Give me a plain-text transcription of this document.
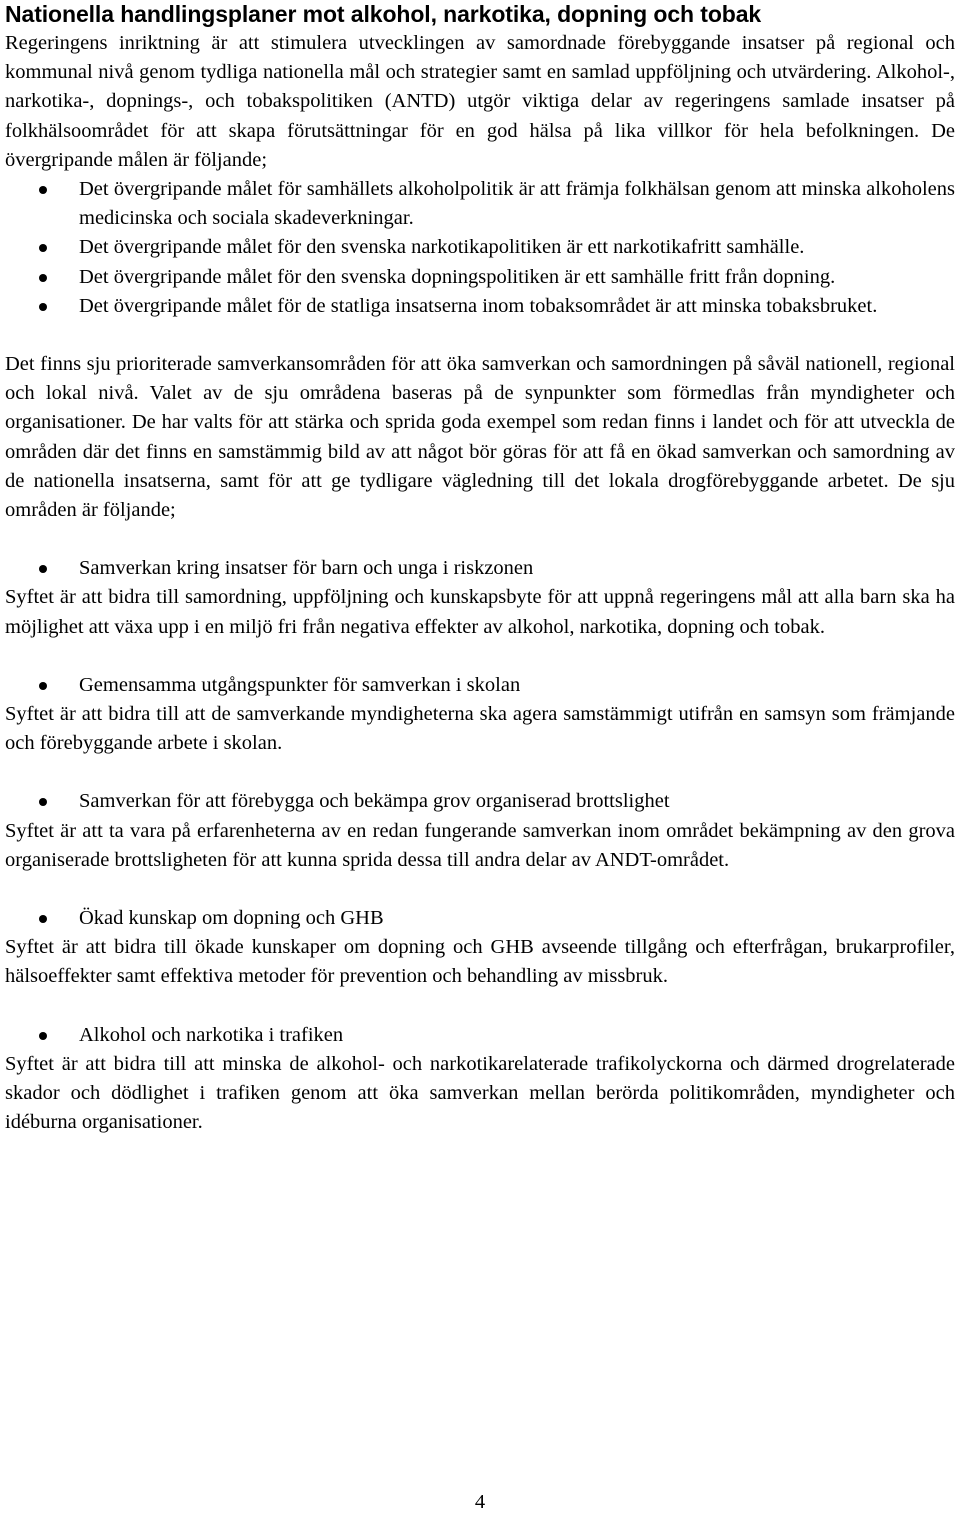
Nationella handlingsplaner mot alkohol, narkotika, dopning och tobak

Regeringens inriktning är att stimulera utvecklingen av samordnade förebyggande insatser på regional och kommunal nivå genom tydliga nationella mål och strategier samt en samlad uppföljning och utvärdering. Alkohol-, narkotika-, dopnings-, och tobakspolitiken (ANTD) utgör viktiga delar av regeringens samlade insatser på folkhälsoområdet för att skapa förutsättningar för en god hälsa på lika villkor för hela befolkningen. De övergripande målen är följande;

Det övergripande målet för samhällets alkoholpolitik är att främja folkhälsan genom att minska alkoholens medicinska och sociala skadeverkningar.
Det övergripande målet för den svenska narkotikapolitiken är ett narkotikafritt samhälle.
Det övergripande målet för den svenska dopningspolitiken är ett samhälle fritt från dopning.
Det övergripande målet för de statliga insatserna inom tobaksområdet är att minska tobaksbruket.

Det finns sju prioriterade samverkansområden för att öka samverkan och samordningen på såväl nationell, regional och lokal nivå. Valet av de sju områdena baseras på de synpunkter som förmedlas från myndigheter och organisationer. De har valts för att stärka och sprida goda exempel som redan finns i landet och för att utveckla de områden där det finns en samstämmig bild av att något bör göras för att få en ökad samverkan och samordning av de nationella insatserna, samt för att ge tydligare vägledning till det lokala drogförebyggande arbetet. De sju områden är följande;

Samverkan kring insatser för barn och unga i riskzonen

Syftet är att bidra till samordning, uppföljning och kunskapsbyte för att uppnå regeringens mål att alla barn ska ha möjlighet att växa upp i en miljö fri från negativa effekter av alkohol, narkotika, dopning och tobak.

Gemensamma utgångspunkter för samverkan i skolan

Syftet är att bidra till att de samverkande myndigheterna ska agera samstämmigt utifrån en samsyn som främjande och förebyggande arbete i skolan.

Samverkan för att förebygga och bekämpa grov organiserad brottslighet

Syftet är att ta vara på erfarenheterna av en redan fungerande samverkan inom området bekämpning av den grova organiserade brottsligheten för att kunna sprida dessa till andra delar av ANDT-området.

Ökad kunskap om dopning och GHB

Syftet är att bidra till ökade kunskaper om dopning och GHB avseende tillgång och efterfrågan, brukarprofiler, hälsoeffekter samt effektiva metoder för prevention och behandling av missbruk.

Alkohol och narkotika i trafiken

Syftet är att bidra till att minska de alkohol- och narkotikarelaterade trafikolyckorna och därmed drogrelaterade skador och dödlighet i trafiken genom att öka samverkan mellan berörda politikområden, myndigheter och idéburna organisationer.

4
